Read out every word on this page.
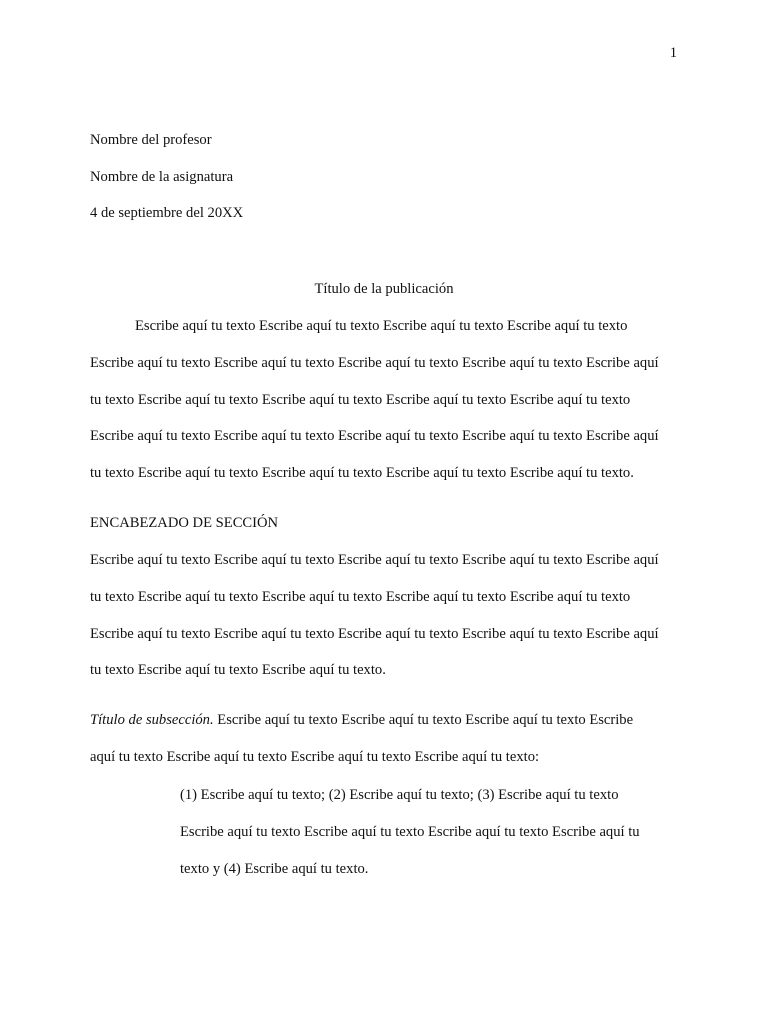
1
Nombre del profesor
Nombre de la asignatura
4 de septiembre del 20XX
Título de la publicación
Escribe aquí tu texto Escribe aquí tu texto Escribe aquí tu texto Escribe aquí tu texto
Escribe aquí tu texto Escribe aquí tu texto Escribe aquí tu texto Escribe aquí tu texto Escribe aquí
tu texto Escribe aquí tu texto Escribe aquí tu texto Escribe aquí tu texto Escribe aquí tu texto
Escribe aquí tu texto Escribe aquí tu texto Escribe aquí tu texto Escribe aquí tu texto Escribe aquí
tu texto Escribe aquí tu texto Escribe aquí tu texto Escribe aquí tu texto Escribe aquí tu texto.
ENCABEZADO DE SECCIÓN
Escribe aquí tu texto Escribe aquí tu texto Escribe aquí tu texto Escribe aquí tu texto Escribe aquí
tu texto Escribe aquí tu texto Escribe aquí tu texto Escribe aquí tu texto Escribe aquí tu texto
Escribe aquí tu texto Escribe aquí tu texto Escribe aquí tu texto Escribe aquí tu texto Escribe aquí
tu texto Escribe aquí tu texto Escribe aquí tu texto.
Título de subsección. Escribe aquí tu texto Escribe aquí tu texto Escribe aquí tu texto Escribe
aquí tu texto Escribe aquí tu texto Escribe aquí tu texto Escribe aquí tu texto:
(1) Escribe aquí tu texto; (2) Escribe aquí tu texto; (3) Escribe aquí tu texto
Escribe aquí tu texto Escribe aquí tu texto Escribe aquí tu texto Escribe aquí tu
texto y (4) Escribe aquí tu texto.
